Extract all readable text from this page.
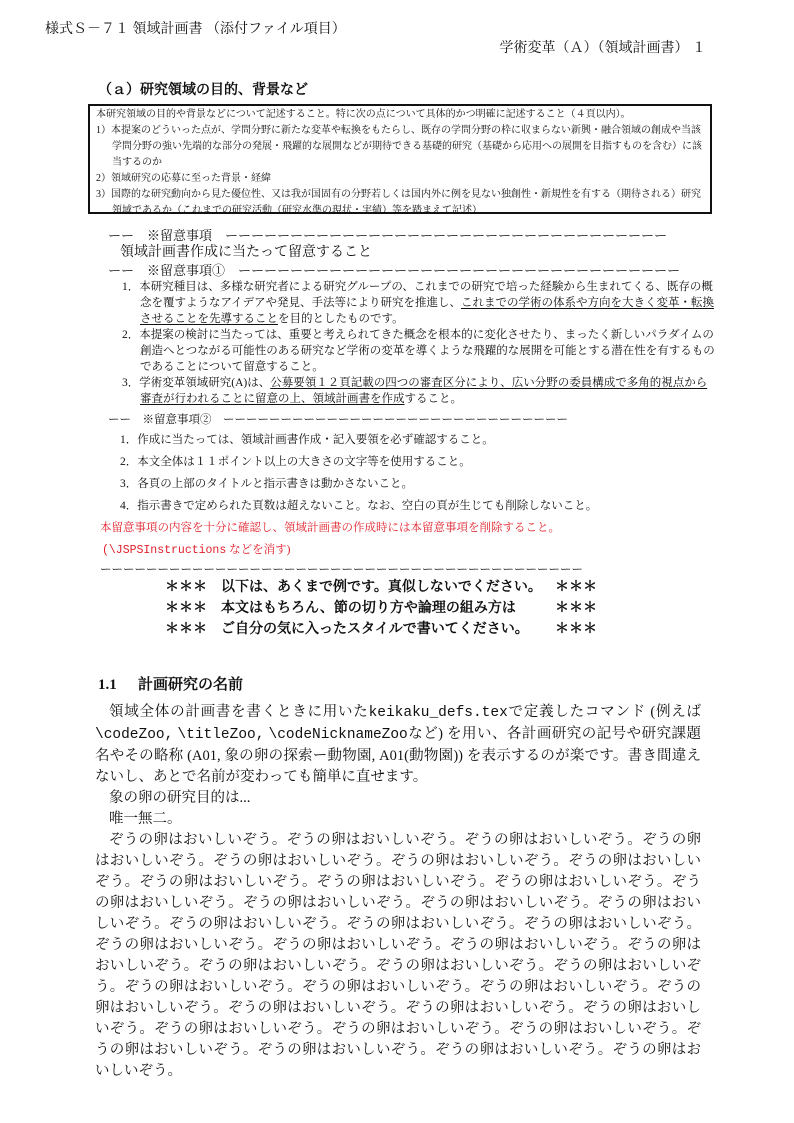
様式Ｓ－７１ 領域計画書 （添付ファイル項目）
学術変革（Ａ）（領域計画書） １
（ａ）研究領域の目的、背景など
本研究領域の目的や背景などについて記述すること。特に次の点について具体的かつ明確に記述すること（４頁以内）。
1）本提案のどういった点が、学問分野に新たな変革や転換をもたらし、既存の学問分野の枠に収まらない新興・融合領域の創成や当該学問分野の強い先端的な部分の発展・飛躍的な展開などが期待できる基礎的研究（基礎から応用への展開を目指すものを含む）に該当するのか
2）領域研究の応募に至った背景・経緯
3）国際的な研究動向から見た優位性、又は我が国固有の分野若しくは国内外に例を見ない独創性・新規性を有する（期待される）研究領域であるか（これまでの研究活動（研究水準の現状・実績）等を踏まえて記述）
ーー　※留意事項　ーーーーーーーーーーーーーーーーーーーーーーーーーーーーーーーーーー
領域計画書作成に当たって留意すること
ーー　※留意事項①　ーーーーーーーーーーーーーーーーーーーーーーーーーーーーーーーーーー
1．本研究種目は、多様な研究者による研究グループの、これまでの研究で培った経験から生まれてくる、既存の概念を覆すようなアイデアや発見、手法等により研究を推進し、これまでの学術の体系や方向を大きく変革・転換させることを先導することを目的としたものです。
2．本提案の検討に当たっては、重要と考えられてきた概念を根本的に変化させたり、まったく新しいパラダイムの創造へとつながる可能性のある研究など学術の変革を導くような飛躍的な展開を可能とする潜在性を有するものであることについて留意すること。
3．学術変革領域研究(A)は、公募要領１２頁記載の四つの審査区分により、広い分野の委員構成で多角的視点から審査が行われることに留意の上、領域計画書を作成すること。
ーー　※留意事項②　ーーーーーーーーーーーーーーーーーーーーーーーーーーーーーー
1．作成に当たっては、領域計画書作成・記入要領を必ず確認すること。
2．本文全体は１１ポイント以上の大きさの文字等を使用すること。
3．各頁の上部のタイトルと指示書きは動かさないこと。
4．指示書きで定められた頁数は超えないこと。なお、空白の頁が生じても削除しないこと。
本留意事項の内容を十分に確認し、領域計画書の作成時には本留意事項を削除すること。
(\JSPSInstructions などを消す)
ーーーーーーーーーーーーーーーーーーーーーーーーーーーーーーーーーーーーーーーーーー
＊＊＊　 以下は、あくまで例です。真似しないでください。 ＊＊＊
＊＊＊　 本文はもちろん、節の切り方や論理の組み方は	＊＊＊
＊＊＊　 ご自分の気に入ったスタイルで書いてください。	＊＊＊
1.1 計画研究の名前

領域全体の計画書を書くときに用いたkeikaku_defs.texで定義したコマンド (例えば\codeZoo, \titleZoo, \codeNicknameZooなど) を用い、各計画研究の記号や研究課題名やその略称 (A01, 象の卵の探索ー動物園, A01(動物園)) を表示するのが楽です。書き間違えないし、あとで名前が変わっても簡単に直せます。

象の卵の研究目的は...

唯一無二。

ぞうの卵はおいしいぞう。ぞうの卵はおいしいぞう。ぞうの卵はおいしいぞう。ぞうの卵はおいしいぞう。ぞうの卵はおいしいぞう。ぞうの卵はおいしいぞう。ぞうの卵はおいしいぞう。ぞうの卵はおいしいぞう。ぞうの卵はおいしいぞう。ぞうの卵はおいしいぞう。ぞうの卵はおいしいぞう。ぞうの卵はおいしいぞう。ぞうの卵はおいしいぞう。ぞうの卵はおいしいぞう。ぞうの卵はおいしいぞう。ぞうの卵はおいしいぞう。ぞうの卵はおいしいぞう。ぞうの卵はおいしいぞう。ぞうの卵はおいしいぞう。ぞうの卵はおいしいぞう。ぞうの卵はおいしいぞう。ぞうの卵はおいしいぞう。ぞうの卵はおいしいぞう。ぞうの卵はおいしいぞう。ぞうの卵はおいしいぞう。ぞうの卵はおいしいぞう。ぞうの卵はおいしいぞう。ぞうの卵はおいしいぞう。ぞうの卵はおいしいぞう。ぞうの卵はおいしいぞう。ぞうの卵はおいしいぞう。ぞうの卵はおいしいぞう。ぞうの卵はおいしいぞう。ぞうの卵はおいしいぞう。ぞうの卵はおいしいぞう。ぞうの卵はおいしいぞう。ぞうの卵はおいしいぞう。ぞうの卵はおいしいぞう。
